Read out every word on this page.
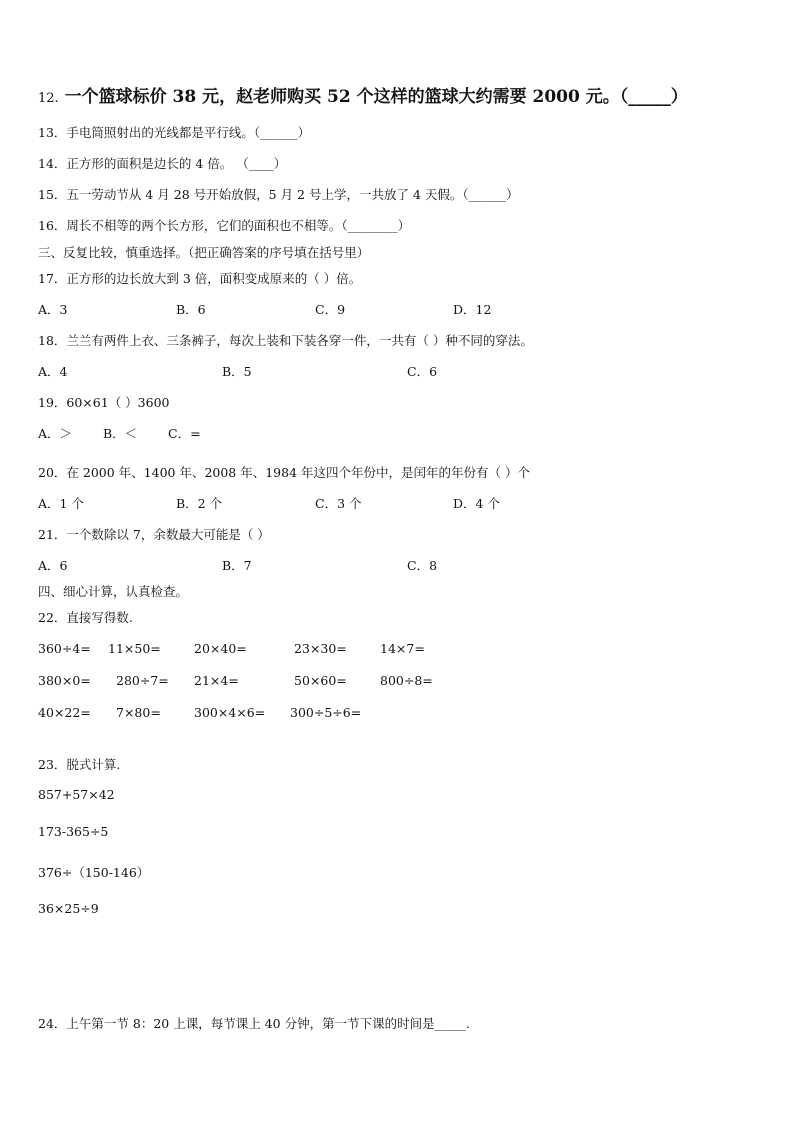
12. 一个篮球标价 38 元，赵老师购买 52 个这样的篮球大约需要 2000 元。（_____）
13．手电筒照射出的光线都是平行线。（______）
14．正方形的面积是边长的 4 倍。 （____）
15．五一劳动节从 4 月 28 号开始放假，5 月 2 号上学，一共放了 4 天假。（______）
16．周长不相等的两个长方形，它们的面积也不相等。（________）
三、反复比较，慎重选择。（把正确答案的序号填在括号里）
17．正方形的边长放大到 3 倍，面积变成原来的（ ）倍。
A．3	B．6	C．9	D．12
18．兰兰有两件上衣、三条裤子，每次上装和下装各穿一件，一共有（ ）种不同的穿法。
A．4	B．5	C．6
19．60×61（ ）3600
A．＞ B．＜ C．=
20．在 2000 年、1400 年、2008 年、1984 年这四个年份中，是闰年的年份有（ ）个
A．1 个	B．2 个	C．3 个	D．4 个
21．一个数除以 7，余数最大可能是（ ）
A．6	B．7	C．8
四、细心计算，认真检查。
22．直接写得数.
360÷4= 11×50=	20×40=	23×30=	14×7=
380×0= 280÷7= 21×4=	50×60=	800÷8=
40×22= 7×80=	300×4×6= 300÷5÷6=
23．脱式计算.
857+57×42
173-365÷5
376÷（150-146）
36×25÷9
24．上午第一节 8：20 上课，每节课上 40 分钟，第一节下课的时间是_____.
